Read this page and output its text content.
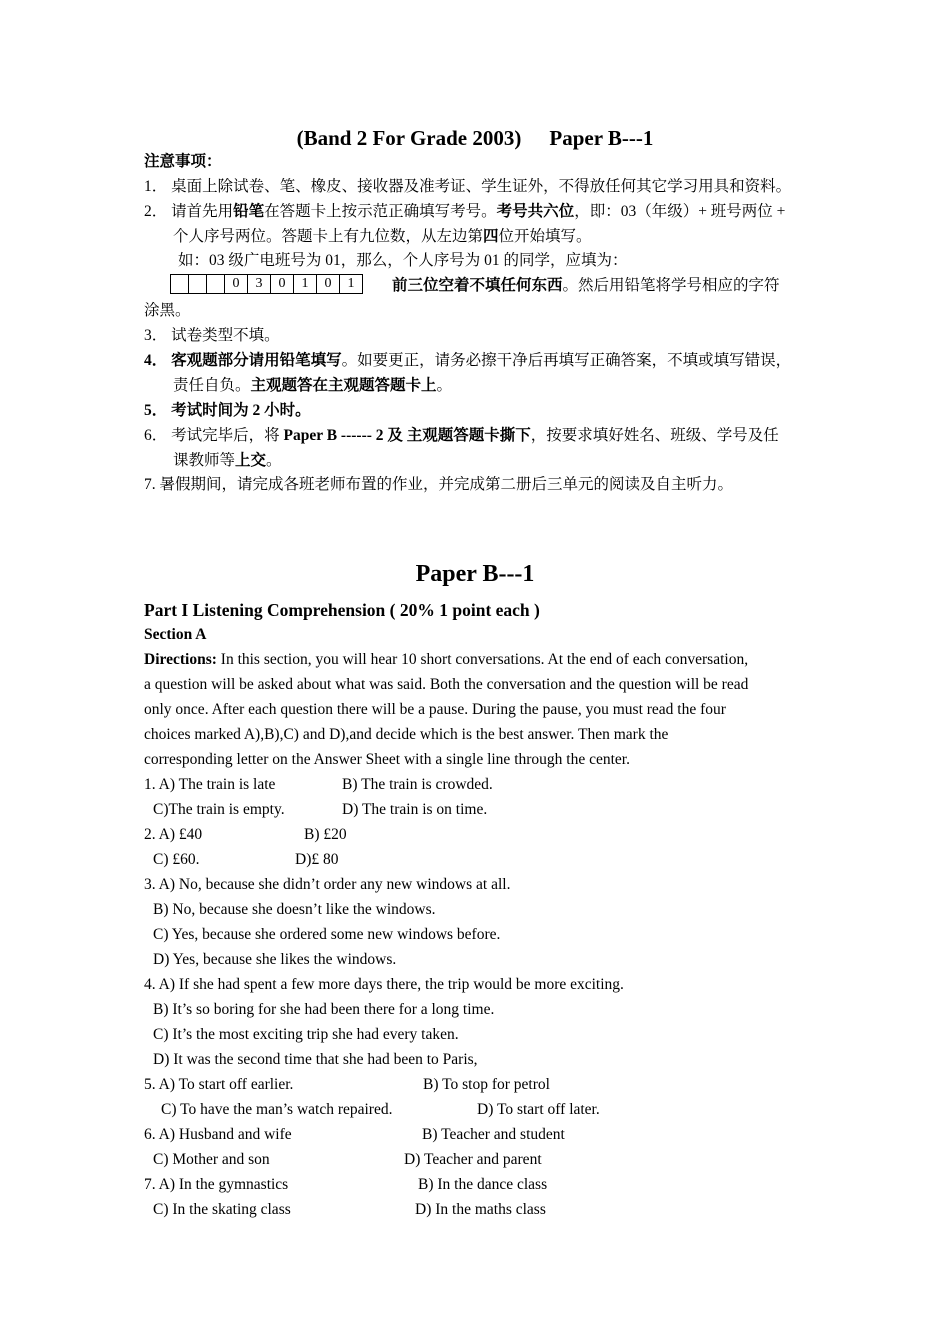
(Band 2 For Grade 2003) Paper B---1
注意事项：
1． 桌面上除试卷、笔、橡皮、接收器及准考证、学生证外，不得放任何其它学习用具和资料。
2． 请首先用铅笔在答题卡上按示范正确填写考号。考号共六位，即：03（年级）+ 班号两位 +
个人序号两位。答题卡上有九位数，从左边第四位开始填写。
如：03 级广电班号为 01，那么，个人序号为 01 的同学，应填为：
0	3	0	1	0	1	前三位空着不填任何东西。然后用铅笔将学号相应的字符
涂黑。
3． 试卷类型不填。
4． 客观题部分请用铅笔填写。如要更正，请务必擦干净后再填写正确答案，不填或填写错误，
责任自负。主观题答在主观题答题卡上。
5． 考试时间为 2 小时。
6． 考试完毕后，将 Paper B ------ 2 及 主观题答题卡撕下，按要求填好姓名、班级、学号及任
课教师等上交。
7. 暑假期间，请完成各班老师布置的作业，并完成第二册后三单元的阅读及自主听力。
Paper B---1
Part I Listening Comprehension ( 20% 1 point each )
Section A
Directions: In this section, you will hear 10 short conversations. At the end of each conversation,
a question will be asked about what was said. Both the conversation and the question will be read
only once. After each question there will be a pause. During the pause, you must read the four
choices marked A),B),C) and D),and decide which is the best answer. Then mark the
corresponding letter on the Answer Sheet with a single line through the center.
1. A) The train is late	B) The train is crowded.
C)The train is empty.	D) The train is on time.
2. A) £40	B) £20
C) £60.	D)£ 80
3. A) No, because she didn’t order any new windows at all.
B) No, because she doesn’t like the windows.
C) Yes, because she ordered some new windows before.
D) Yes, because she likes the windows.
4. A) If she had spent a few more days there, the trip would be more exciting.
B) It’s so boring for she had been there for a long time.
C) It’s the most exciting trip she had every taken.
D) It was the second time that she had been to Paris,
5. A) To start off earlier.	B) To stop for petrol
C) To have the man’s watch repaired.	D) To start off later.
6. A) Husband and wife	B) Teacher and student
C) Mother and son	D) Teacher and parent
7. A) In the gymnastics	B) In the dance class
C) In the skating class	D) In the maths class
